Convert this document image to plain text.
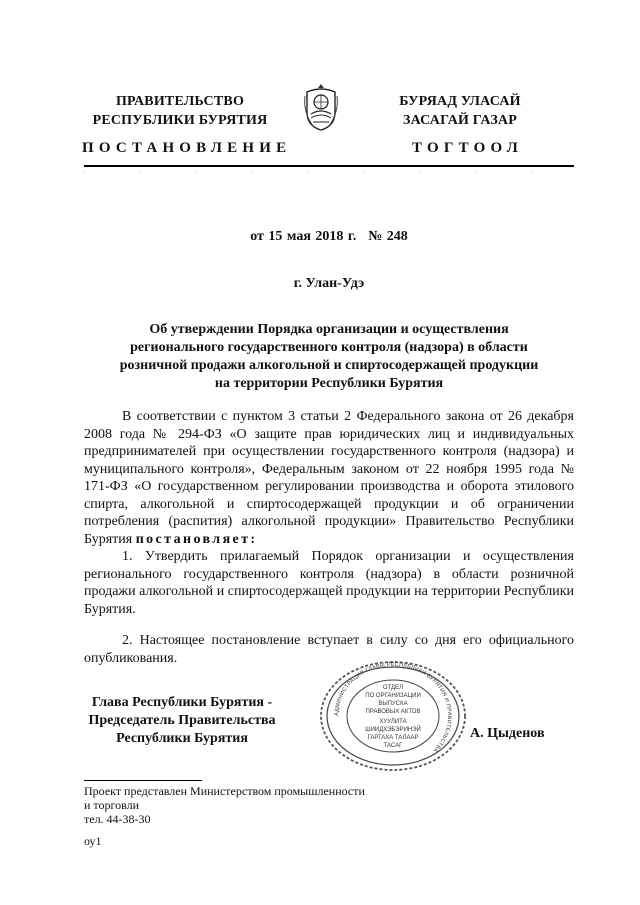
ПРАВИТЕЛЬСТВО
РЕСПУБЛИКИ БУРЯТИЯ
БУРЯАД УЛАСАЙ
ЗАСАГАЙ ГАЗАР
ПОСТАНОВЛЕНИЕ	ТОГТООЛ
от 15 мая 2018 г. № 248
г. Улан-Удэ
Об утверждении Порядка организации и осуществления
регионального государственного контроля (надзора) в области
розничной продажи алкогольной и спиртосодержащей продукции
на территории Республики Бурятия
В соответствии с пунктом 3 статьи 2 Федерального закона от 26 декабря 2008 года № 294-ФЗ «О защите прав юридических лиц и индивидуальных предпринимателей при осуществлении государственного контроля (надзора) и муниципального контроля», Федеральным законом от 22 ноября 1995 года № 171-ФЗ «О государственном регулировании производства и оборота этилового спирта, алкогольной и спиртосодержащей продукции и об ограничении потребления (распития) алкогольной продукции» Правительство Республики Бурятия постановляет:
1. Утвердить прилагаемый Порядок организации и осуществления регионального государственного контроля (надзора) в области розничной продажи алкогольной и спиртосодержащей продукции на территории Республики Бурятия.
2. Настоящее постановление вступает в силу со дня его официального опубликования.
Глава Республики Бурятия -
Председатель Правительства
Республики Бурятия
АДМИНИСТРАЦИЯ ГЛАВЫ РЕСПУБЛИКИ БУРЯТИЯ И ПРАВИТЕЛЬСТВА
ОТДЕЛ
ПО ОРГАНИЗАЦИИ
ВЫПУСКА
ПРАВОВЫХ АКТОВ
ХУУЛИТА
ШИИДХЭБЭРИНЭЙ
ГАРГАХА ТАЛААР
ТАСАГ
А. Цыденов
Проект представлен Министерством промышленности
и торговли
тел. 44-38-30
оу1
